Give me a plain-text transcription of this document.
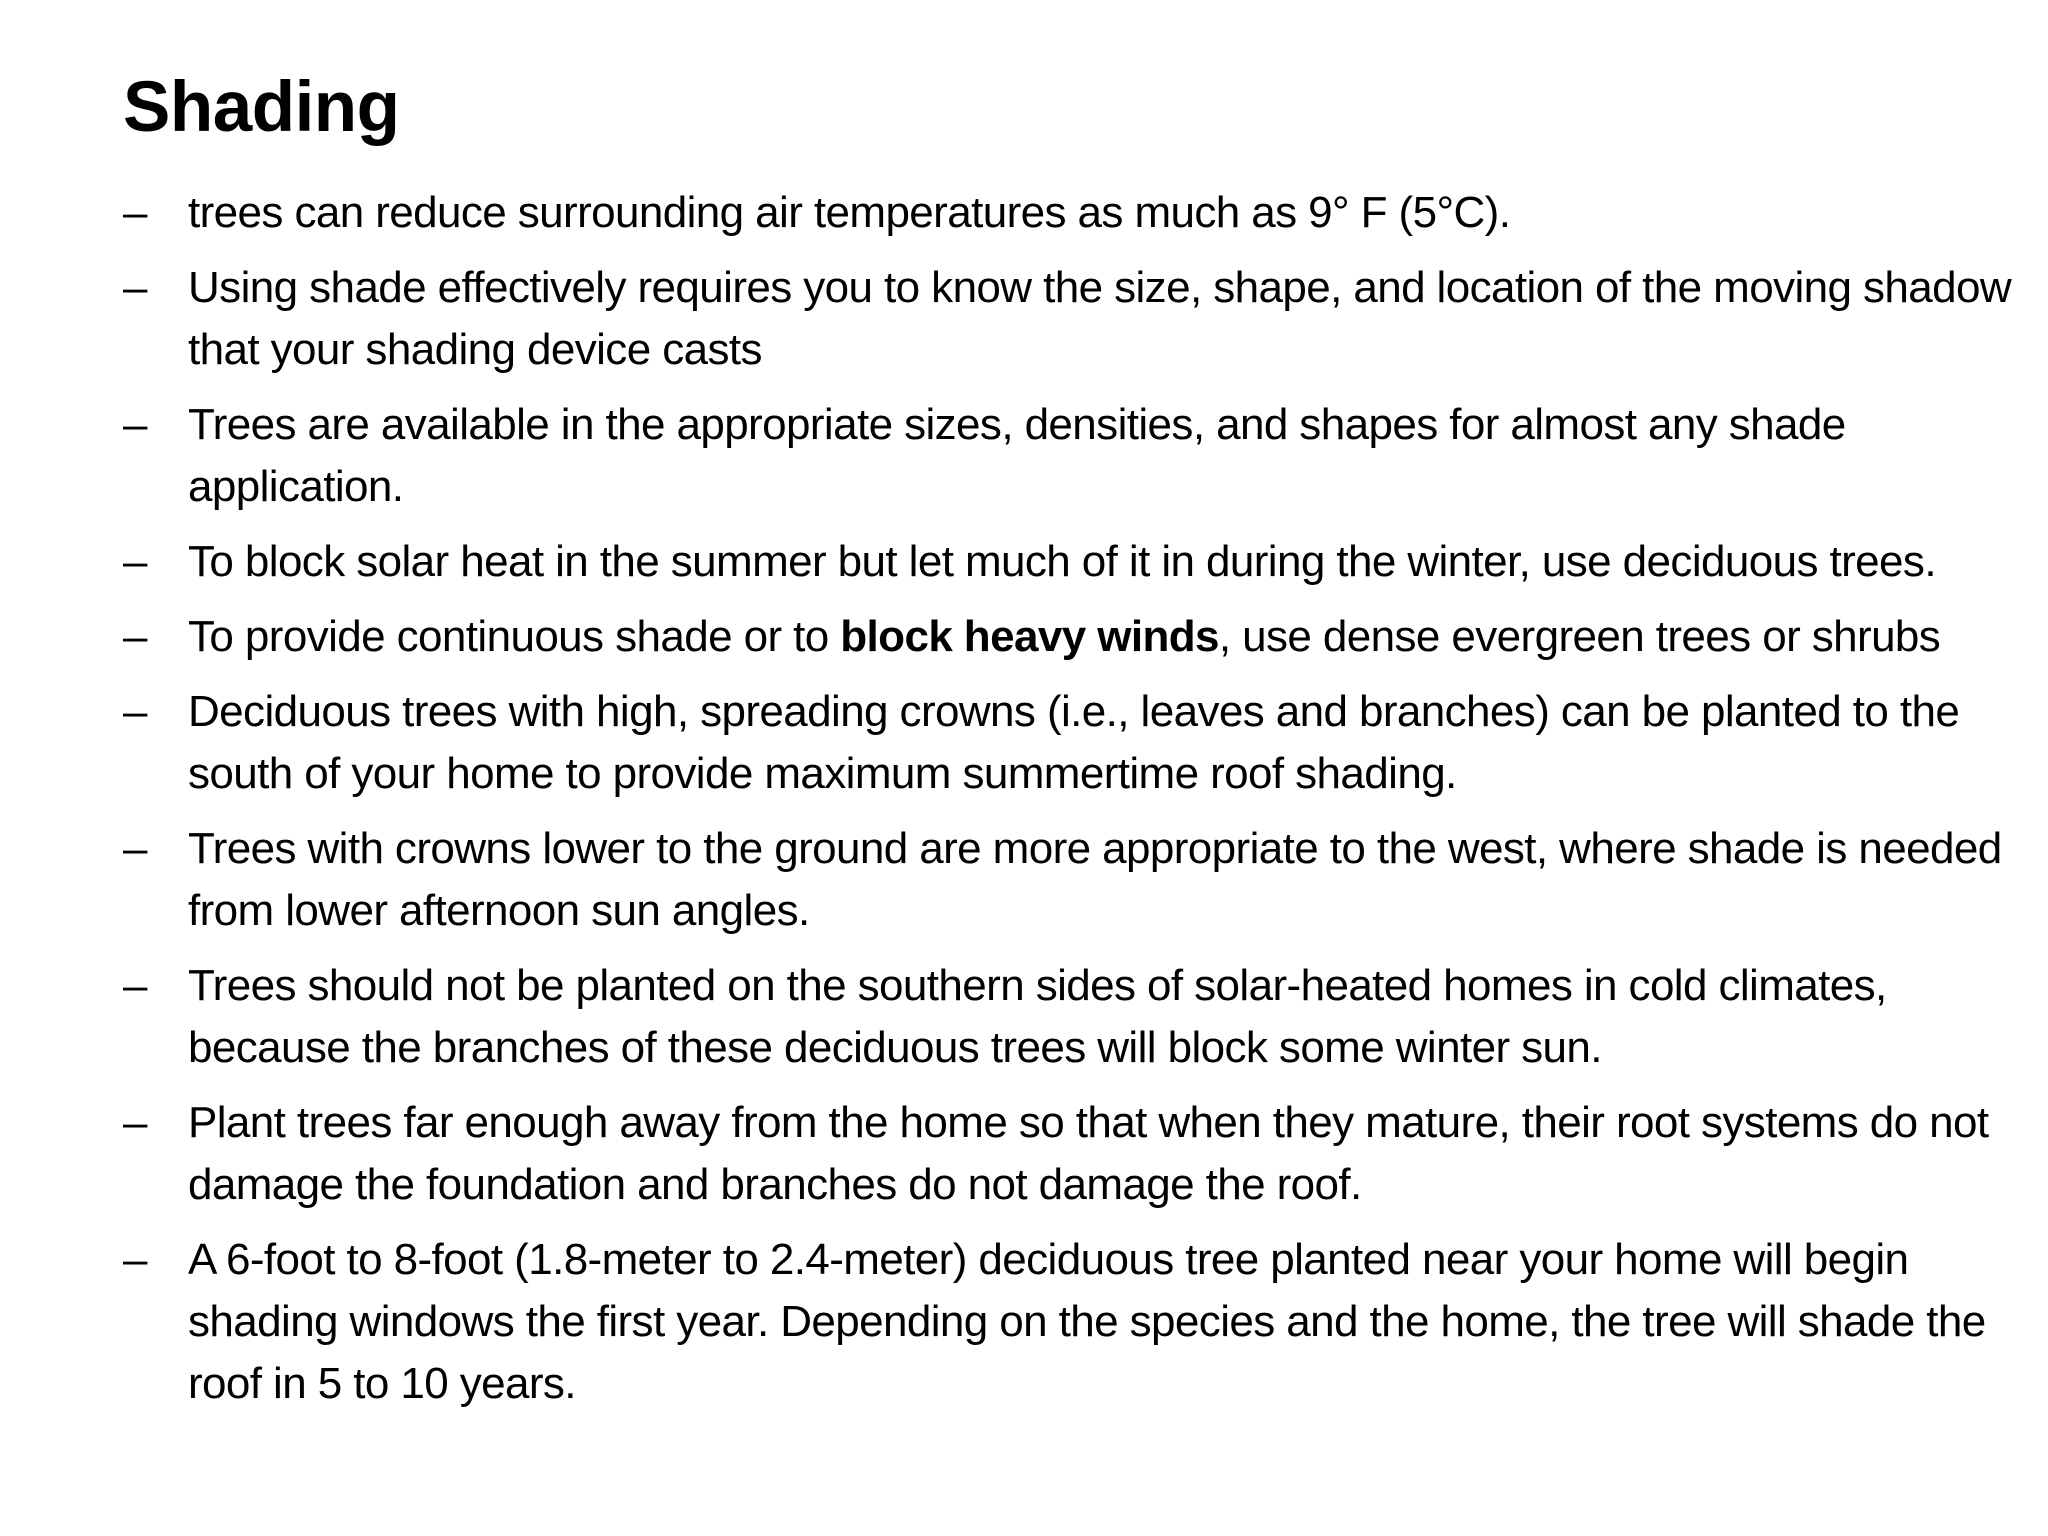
Shading
– trees can reduce surrounding air temperatures as much as 9° F (5°C).
– Using shade effectively requires you to know the size, shape, and location of the moving shadow that your shading device casts
– Trees are available in the appropriate sizes, densities, and shapes for almost any shade application.
– To block solar heat in the summer but let much of it in during the winter, use deciduous trees.
– To provide continuous shade or to block heavy winds, use dense evergreen trees or shrubs
– Deciduous trees with high, spreading crowns (i.e., leaves and branches) can be planted to the south of your home to provide maximum summertime roof shading.
– Trees with crowns lower to the ground are more appropriate to the west, where shade is needed from lower afternoon sun angles.
– Trees should not be planted on the southern sides of solar-heated homes in cold climates, because the branches of these deciduous trees will block some winter sun.
– Plant trees far enough away from the home so that when they mature, their root systems do not damage the foundation and branches do not damage the roof.
– A 6-foot to 8-foot (1.8-meter to 2.4-meter) deciduous tree planted near your home will begin shading windows the first year. Depending on the species and the home, the tree will shade the roof in 5 to 10 years.
